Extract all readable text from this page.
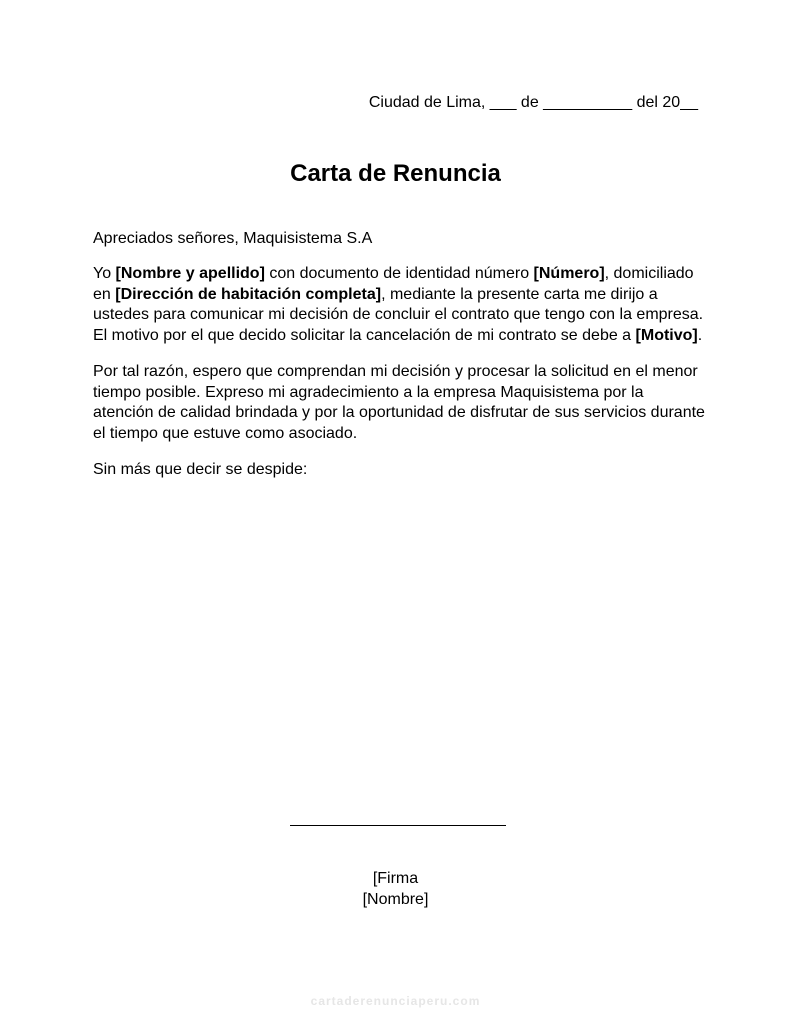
Ciudad de Lima, ___ de __________ del 20__
Carta de Renuncia

Apreciados señores, Maquisistema S.A

Yo [Nombre y apellido] con documento de identidad número [Número], domiciliado en [Dirección de habitación completa], mediante la presente carta me dirijo a ustedes para comunicar mi decisión de concluir el contrato que tengo con la empresa. El motivo por el que decido solicitar la cancelación de mi contrato se debe a [Motivo].

Por tal razón, espero que comprendan mi decisión y procesar la solicitud en el menor tiempo posible. Expreso mi agradecimiento a la empresa Maquisistema por la atención de calidad brindada y por la oportunidad de disfrutar de sus servicios durante el tiempo que estuve como asociado.

Sin más que decir se despide:

[Firma
[Nombre]
cartaderenunciaperu.com
